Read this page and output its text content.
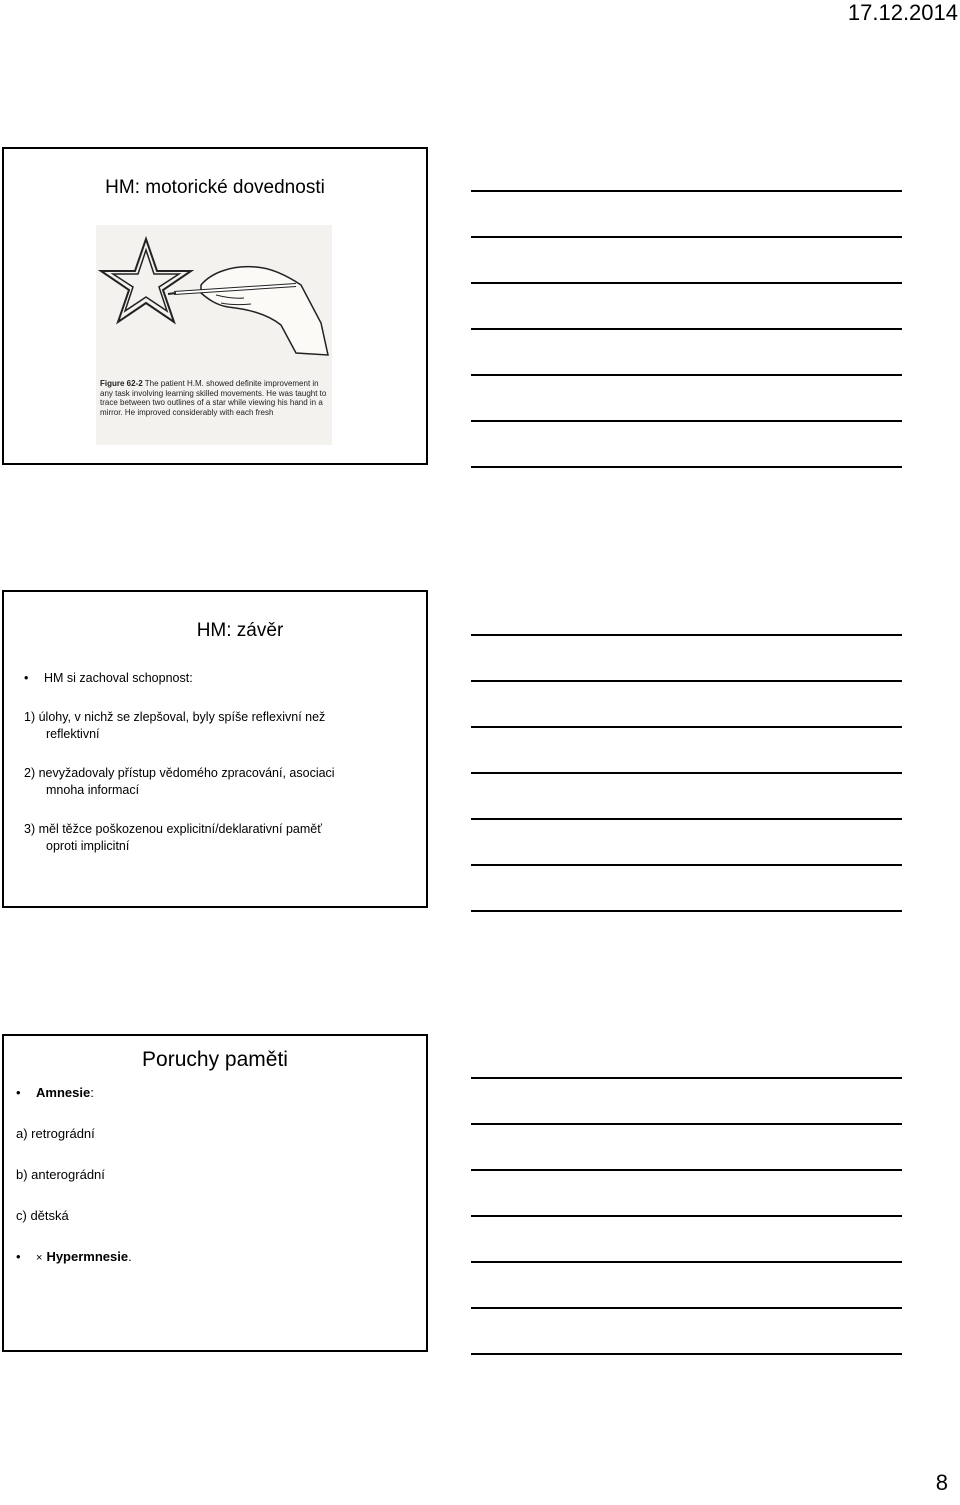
17.12.2014
HM: motorické dovednosti
Figure 62-2 The patient H.M. showed definite improvement in any task involving learning skilled movements. He was taught to trace between two outlines of a star while viewing his hand in a mirror. He improved considerably with each fresh
HM: závěr

• HM si zachoval schopnost:

1) úlohy, v nichž se zlepšoval, byly spíše reflexivní než

reflektivní

2) nevyžadovaly přístup vědomého zpracování, asociaci

mnoha informací

3) měl těžce poškozenou explicitní/deklarativní paměť

oproti implicitní

Poruchy paměti
• Amnesie:
a) retrográdní
b) anterográdní
c) dětská
• × Hypermnesie.
8
